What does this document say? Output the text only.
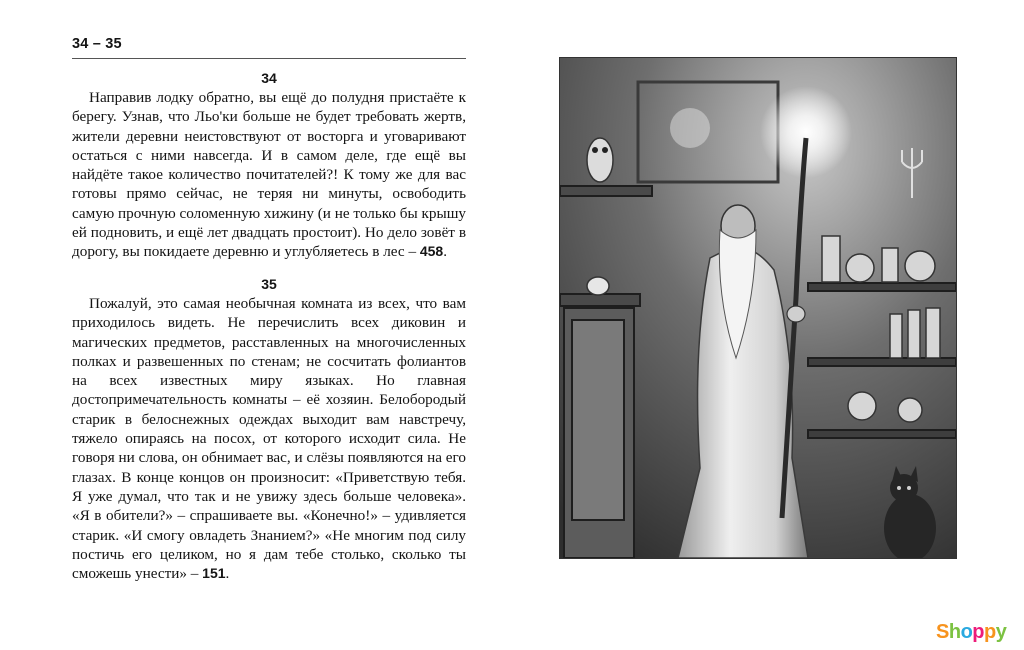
34 – 35
34
Направив лодку обратно, вы ещё до полудня пристаёте к берегу. Узнав, что Льо'ки больше не будет требовать жертв, жители деревни неистовствуют от восторга и уговаривают остаться с ними навсегда. И в самом деле, где ещё вы найдёте такое количество почитателей?! К тому же для вас готовы прямо сейчас, не теряя ни минуты, освободить самую прочную соломенную хижину (и не только бы крышу ей подновить, и ещё лет двадцать простоит). Но дело зовёт в дорогу, вы покидаете деревню и углубляетесь в лес – 458.
35
Пожалуй, это самая необычная комната из всех, что вам приходилось видеть. Не перечислить всех диковин и магических предметов, расставленных на многочисленных полках и развешенных по стенам; не сосчитать фолиантов на всех известных миру языках. Но главная достопримечательность комнаты – её хозяин. Белобородый старик в белоснежных одеждах выходит вам навстречу, тяжело опираясь на посох, от которого исходит сила. Не говоря ни слова, он обнимает вас, и слёзы появляются на его глазах. В конце концов он произносит: «Приветствую тебя. Я уже думал, что так и не увижу здесь больше человека». «Я в обители?» – спрашиваете вы. «Конечно!» – удивляется старик. «И смогу овладеть Знанием?» «Не многим под силу постичь его целиком, но я дам тебе столько, сколько ты сможешь унести» – 151.
Shoppy
